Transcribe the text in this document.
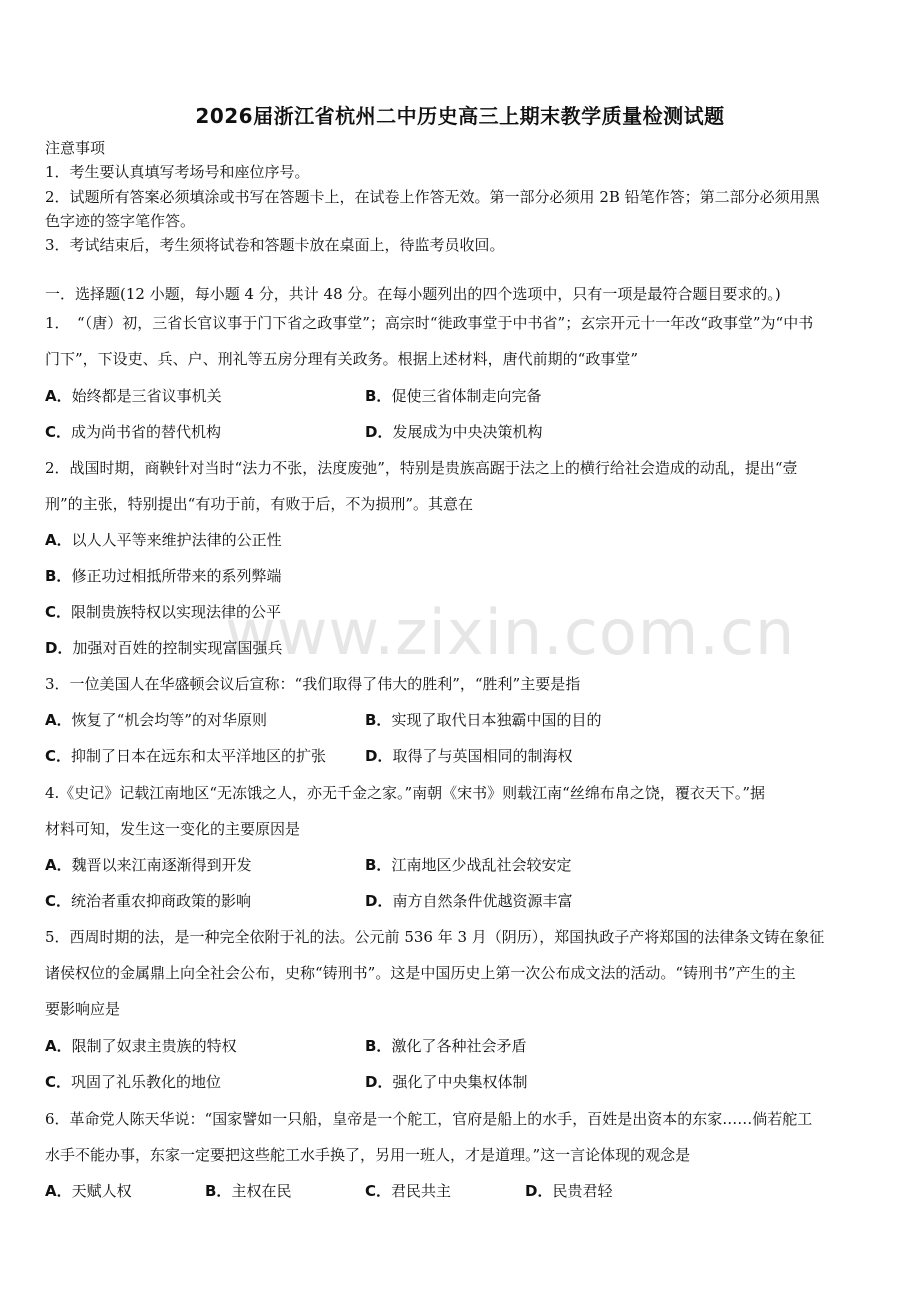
2026届浙江省杭州二中历史高三上期末教学质量检测试题
注意事项
1．考生要认真填写考场号和座位序号。
2．试题所有答案必须填涂或书写在答题卡上，在试卷上作答无效。第一部分必须用 2B 铅笔作答；第二部分必须用黑
色字迹的签字笔作答。
3．考试结束后，考生须将试卷和答题卡放在桌面上，待监考员收回。
一．选择题(12 小题，每小题 4 分，共计 48 分。在每小题列出的四个选项中，只有一项是最符合题目要求的。)
1．　“（唐）初，三省长官议事于门下省之政事堂”；高宗时“徙政事堂于中书省”；玄宗开元十一年改“政事堂”为“中书
门下”，下设吏、兵、户、刑礼等五房分理有关政务。根据上述材料，唐代前期的“政事堂”
A．始终都是三省议事机关	B．促使三省体制走向完备
C．成为尚书省的替代机构	D．发展成为中央决策机构
2．战国时期，商鞅针对当时“法力不张，法度废弛”，特别是贵族高踞于法之上的横行给社会造成的动乱，提出“壹
刑”的主张，特别提出“有功于前，有败于后，不为损刑”。其意在
A．以人人平等来维护法律的公正性
B．修正功过相抵所带来的系列弊端
C．限制贵族特权以实现法律的公平
D．加强对百姓的控制实现富国强兵
3．一位美国人在华盛顿会议后宣称：“我们取得了伟大的胜利”，“胜利”主要是指
A．恢复了“机会均等”的对华原则	B．实现了取代日本独霸中国的目的
C．抑制了日本在远东和太平洋地区的扩张	D．取得了与英国相同的制海权
4.《史记》记载江南地区“无冻饿之人，亦无千金之家。”南朝《宋书》则载江南“丝绵布帛之饶，覆衣天下。”据
材料可知，发生这一变化的主要原因是
A．魏晋以来江南逐渐得到开发	B．江南地区少战乱社会较安定
C．统治者重农抑商政策的影响	D．南方自然条件优越资源丰富
5．西周时期的法，是一种完全依附于礼的法。公元前 536 年 3 月（阴历），郑国执政子产将郑国的法律条文铸在象征
诸侯权位的金属鼎上向全社会公布，史称“铸刑书”。这是中国历史上第一次公布成文法的活动。“铸刑书”产生的主
要影响应是
A．限制了奴隶主贵族的特权	B．激化了各种社会矛盾
C．巩固了礼乐教化的地位	D．强化了中央集权体制
6．革命党人陈天华说：“国家譬如一只船，皇帝是一个舵工，官府是船上的水手，百姓是出资本的东家……倘若舵工
水手不能办事，东家一定要把这些舵工水手换了，另用一班人，才是道理。”这一言论体现的观念是
A．天赋人权	B．主权在民	C．君民共主	D．民贵君轻
www.zixin.com.cn
